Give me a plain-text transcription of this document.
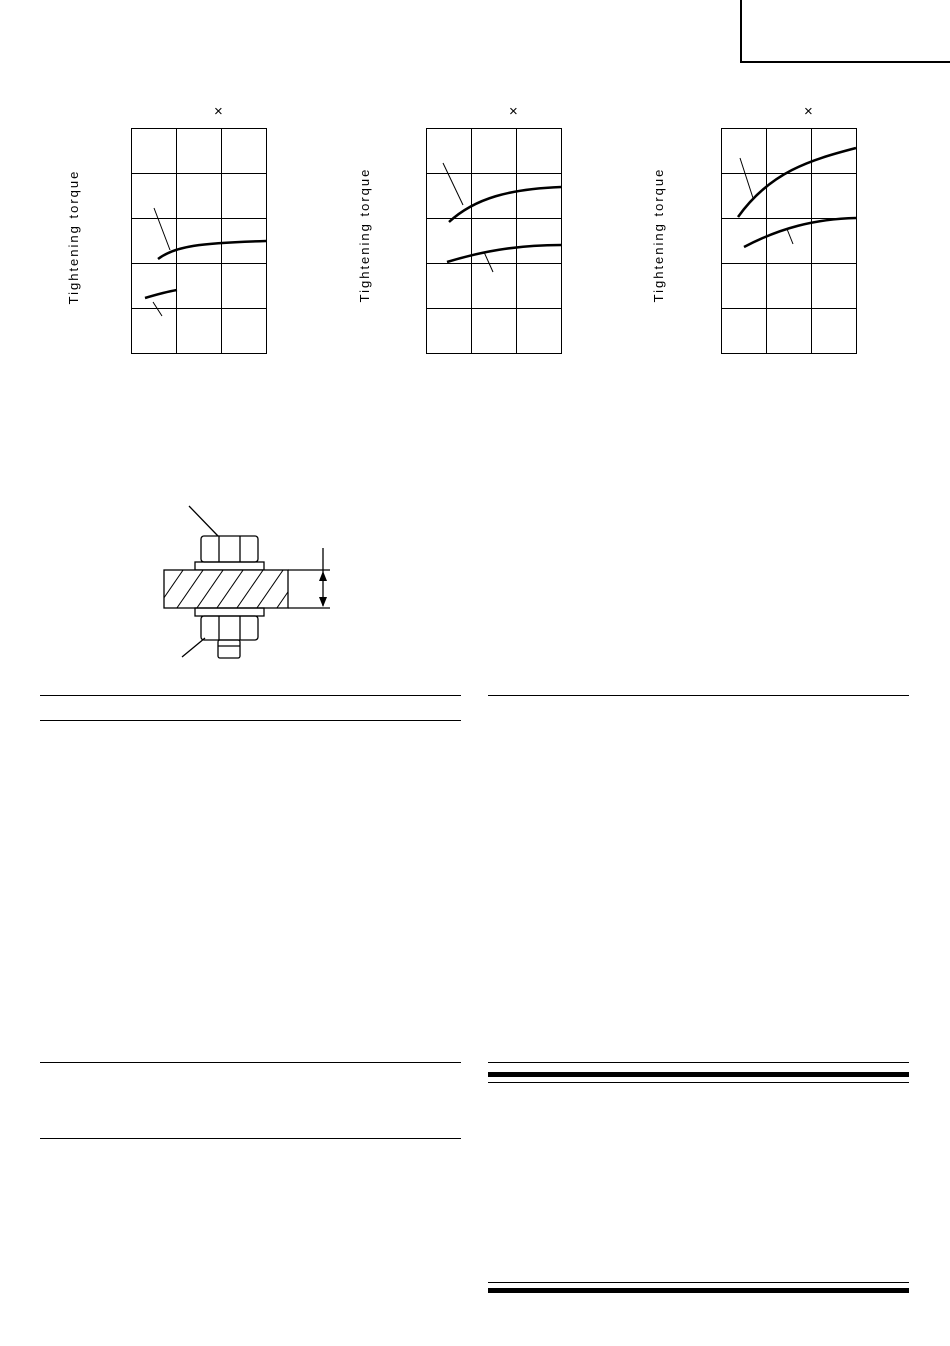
×
Tightening torque
×
Tightening torque
×
Tightening torque
